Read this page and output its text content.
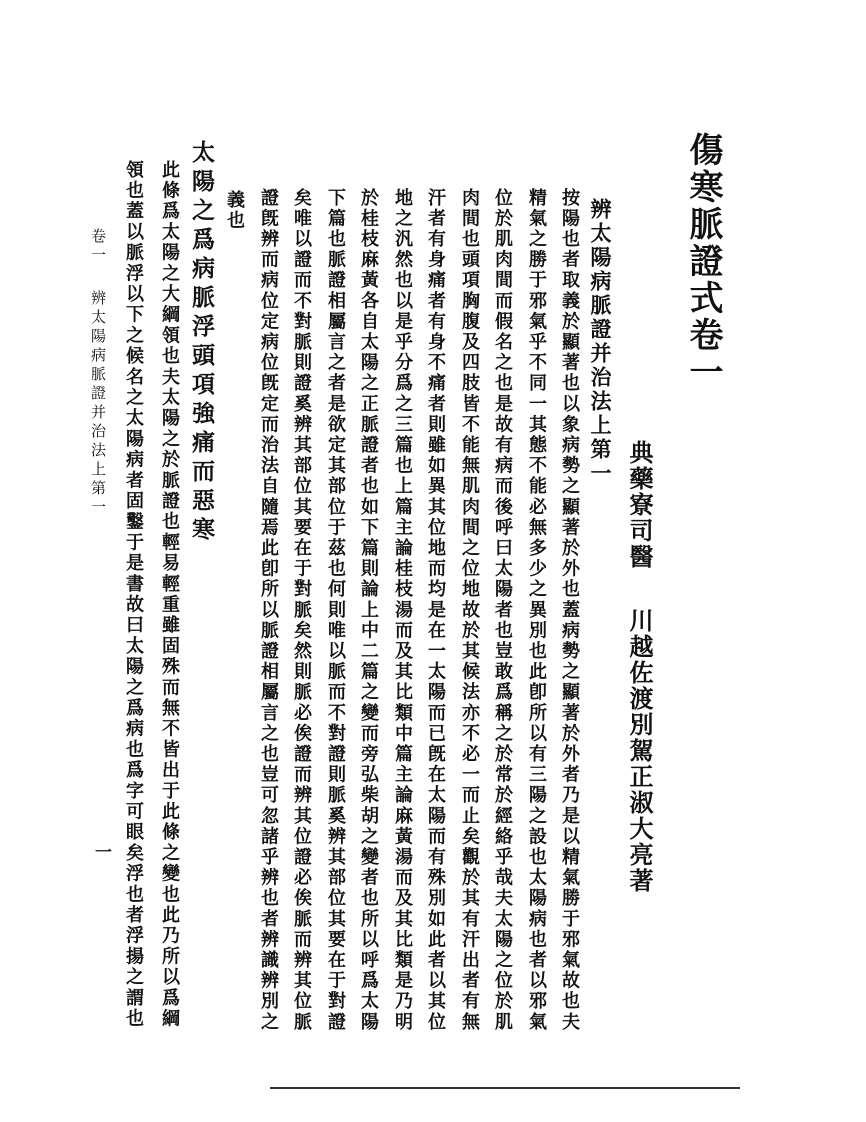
傷寒脈證式卷一
典藥寮司醫川越佐渡別駕正淑大亮著
辨太陽病脈證并治法上第一
按陽也者取義於顯著也以象病勢之顯著於外也蓋病勢之顯著於外者乃是以精氣勝于邪氣故也夫
精氣之勝于邪氣乎不同一其態不能必無多少之異別也此卽所以有三陽之設也太陽病也者以邪氣
位於肌肉間而假名之也是故有病而後呼曰太陽者也豈敢爲稱之於常於經絡乎哉夫太陽之位於肌
肉間也頭項胸腹及四肢皆不能無肌肉間之位地故於其候法亦不必一而止矣觀於其有汗出者有無
汗者有身痛者有身不痛者則雖如異其位地而均是在一太陽而已旣在太陽而有殊別如此者以其位
地之汎然也以是乎分爲之三篇也上篇主論桂枝湯而及其比類中篇主論麻黃湯而及其比類是乃明
於桂枝麻黃各自太陽之正脈證者也如下篇則論上中二篇之變而旁弘柴胡之變者也所以呼爲太陽
下篇也脈證相屬言之者是欲定其部位于茲也何則唯以脈而不對證則脈奚辨其部位其要在于對證
矣唯以證而不對脈則證奚辨其部位其要在于對脈矣然則脈必俟證而辨其位證必俟脈而辨其位脈
證旣辨而病位定病位旣定而治法自隨焉此卽所以脈證相屬言之也豈可忽諸乎辨也者辨識辨別之
義也
太陽之爲病脈浮頭項強痛而惡寒
此條爲太陽之大綱領也夫太陽之於脈證也輕易輕重雖固殊而無不皆出于此條之變也此乃所以爲綱
領也蓋以脈浮以下之候名之太陽病者固鑿于是書故曰太陽之爲病也爲字可眼矣浮也者浮揚之謂也
卷一辨太陽病脈證并治法上第一
一
